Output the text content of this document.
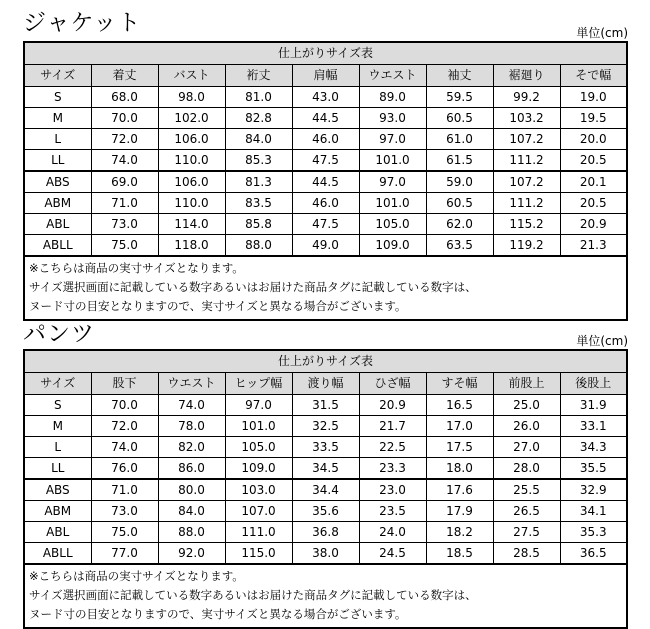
ジャケット	単位(cm)
仕上がりサイズ表								
サイズ	着丈	バスト	裄丈	肩幅	ウエスト	袖丈	裾廻り	そで幅
S	68.0	98.0	81.0	43.0	89.0	59.5	99.2	19.0
M	70.0	102.0	82.8	44.5	93.0	60.5	103.2	19.5
L	72.0	106.0	84.0	46.0	97.0	61.0	107.2	20.0
LL	74.0	110.0	85.3	47.5	101.0	61.5	111.2	20.5
ABS	69.0	106.0	81.3	44.5	97.0	59.0	107.2	20.1
ABM	71.0	110.0	83.5	46.0	101.0	60.5	111.2	20.5
ABL	73.0	114.0	85.8	47.5	105.0	62.0	115.2	20.9
ABLL	75.0	118.0	88.0	49.0	109.0	63.5	119.2	21.3

※こちらは商品の実寸サイズとなります。
サイズ選択画面に記載している数字あるいはお届けた商品タグに記載している数字は、
ヌード寸の目安となりますので、実寸サイズと異なる場合がございます。								
パンツ	単位(cm)
仕上がりサイズ表								
サイズ	股下	ウエスト	ヒップ幅	渡り幅	ひざ幅	すそ幅	前股上	後股上
S	70.0	74.0	97.0	31.5	20.9	16.5	25.0	31.9
M	72.0	78.0	101.0	32.5	21.7	17.0	26.0	33.1
L	74.0	82.0	105.0	33.5	22.5	17.5	27.0	34.3
LL	76.0	86.0	109.0	34.5	23.3	18.0	28.0	35.5
ABS	71.0	80.0	103.0	34.4	23.0	17.6	25.5	32.9
ABM	73.0	84.0	107.0	35.6	23.5	17.9	26.5	34.1
ABL	75.0	88.0	111.0	36.8	24.0	18.2	27.5	35.3
ABLL	77.0	92.0	115.0	38.0	24.5	18.5	28.5	36.5

※こちらは商品の実寸サイズとなります。
サイズ選択画面に記載している数字あるいはお届けた商品タグに記載している数字は、
ヌード寸の目安となりますので、実寸サイズと異なる場合がございます。								
